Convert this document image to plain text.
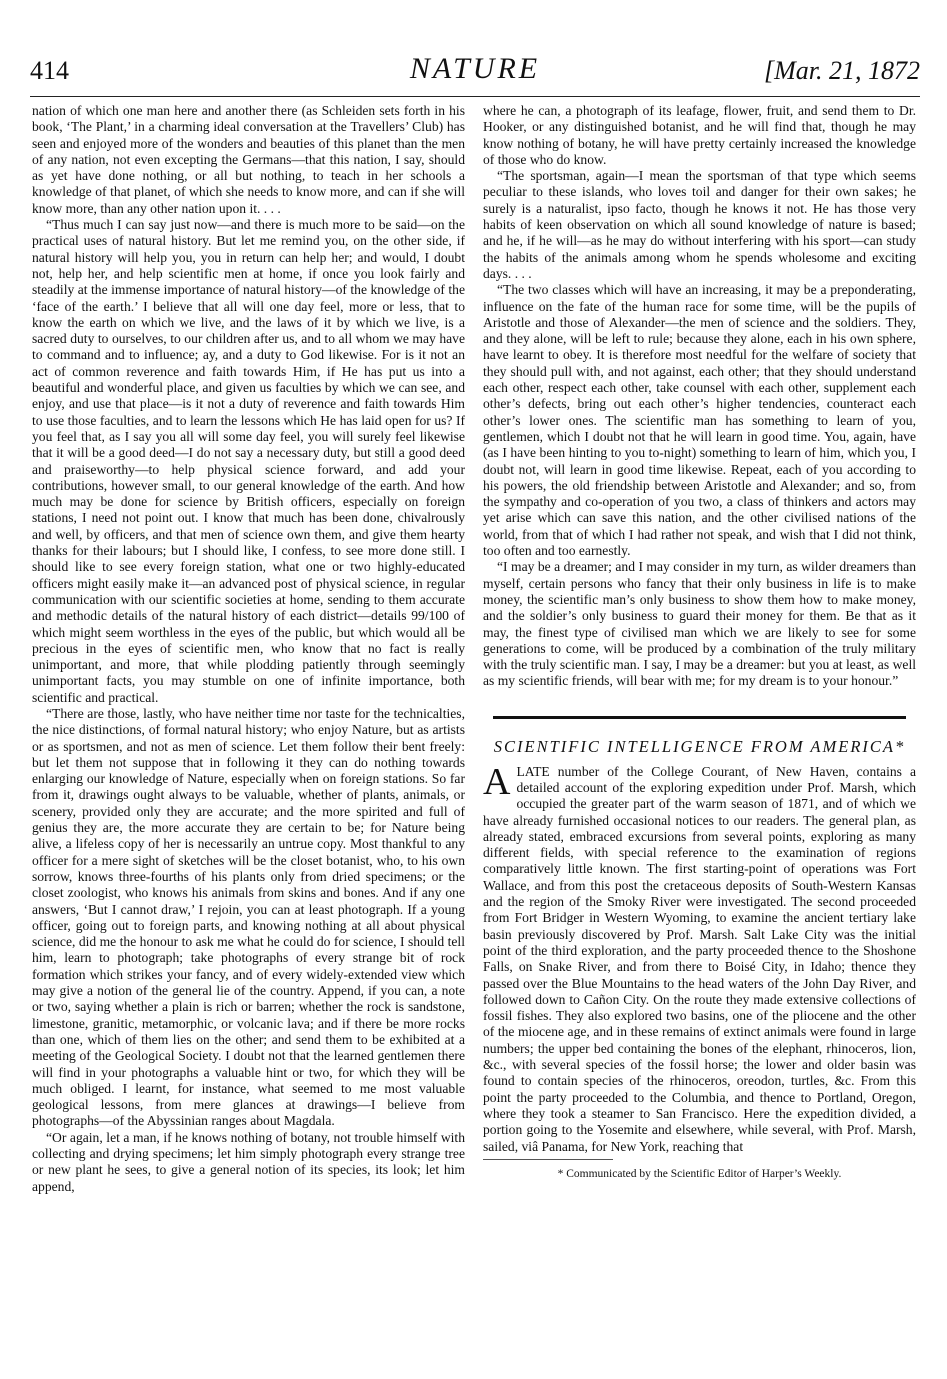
414	NATURE	[Mar. 21, 1872

nation of which one man here and another there (as Schleiden sets forth in his book, ‘The Plant,’ in a charming ideal conversation at the Travellers’ Club) has seen and enjoyed more of the wonders and beauties of this planet than the men of any nation, not even excepting the Germans—that this nation, I say, should as yet have done nothing, or all but nothing, to teach in her schools a knowledge of that planet, of which she needs to know more, and can if she will know more, than any other nation upon it. . . .

“Thus much I can say just now—and there is much more to be said—on the practical uses of natural history. But let me remind you, on the other side, if natural history will help you, you in return can help her; and would, I doubt not, help her, and help scientific men at home, if once you look fairly and steadily at the immense importance of natural history—of the knowledge of the ‘face of the earth.’ I believe that all will one day feel, more or less, that to know the earth on which we live, and the laws of it by which we live, is a sacred duty to ourselves, to our children after us, and to all whom we may have to command and to influence; ay, and a duty to God likewise. For is it not an act of common reverence and faith towards Him, if He has put us into a beautiful and wonderful place, and given us faculties by which we can see, and enjoy, and use that place—is it not a duty of reverence and faith towards Him to use those faculties, and to learn the lessons which He has laid open for us? If you feel that, as I say you all will some day feel, you will surely feel likewise that it will be a good deed—I do not say a necessary duty, but still a good deed and praiseworthy—to help physical science forward, and add your contributions, however small, to our general knowledge of the earth. And how much may be done for science by British officers, especially on foreign stations, I need not point out. I know that much has been done, chivalrously and well, by officers, and that men of science own them, and give them hearty thanks for their labours; but I should like, I confess, to see more done still. I should like to see every foreign station, what one or two highly-educated officers might easily make it—an advanced post of physical science, in regular communication with our scientific societies at home, sending to them accurate and methodic details of the natural history of each district—details 99/100 of which might seem worthless in the eyes of the public, but which would all be precious in the eyes of scientific men, who know that no fact is really unimportant, and more, that while plodding patiently through seemingly unimportant facts, you may stumble on one of infinite importance, both scientific and practical.

“There are those, lastly, who have neither time nor taste for the technicalties, the nice distinctions, of formal natural history; who enjoy Nature, but as artists or as sportsmen, and not as men of science. Let them follow their bent freely: but let them not suppose that in following it they can do nothing towards enlarging our knowledge of Nature, especially when on foreign stations. So far from it, drawings ought always to be valuable, whether of plants, animals, or scenery, provided only they are accurate; and the more spirited and full of genius they are, the more accurate they are certain to be; for Nature being alive, a lifeless copy of her is necessarily an untrue copy. Most thankful to any officer for a mere sight of sketches will be the closet botanist, who, to his own sorrow, knows three-fourths of his plants only from dried specimens; or the closet zoologist, who knows his animals from skins and bones. And if any one answers, ‘But I cannot draw,’ I rejoin, you can at least photograph. If a young officer, going out to foreign parts, and knowing nothing at all about physical science, did me the honour to ask me what he could do for science, I should tell him, learn to photograph; take photographs of every strange bit of rock formation which strikes your fancy, and of every widely-extended view which may give a notion of the general lie of the country. Append, if you can, a note or two, saying whether a plain is rich or barren; whether the rock is sandstone, limestone, granitic, metamorphic, or volcanic lava; and if there be more rocks than one, which of them lies on the other; and send them to be exhibited at a meeting of the Geological Society. I doubt not that the learned gentlemen there will find in your photographs a valuable hint or two, for which they will be much obliged. I learnt, for instance, what seemed to me most valuable geological lessons, from mere glances at drawings—I believe from photographs—of the Abyssinian ranges about Magdala.

“Or again, let a man, if he knows nothing of botany, not trouble himself with collecting and drying specimens; let him simply photograph every strange tree or new plant he sees, to give a general notion of its species, its look; let him append,

where he can, a photograph of its leafage, flower, fruit, and send them to Dr. Hooker, or any distinguished botanist, and he will find that, though he may know nothing of botany, he will have pretty certainly increased the knowledge of those who do know.

“The sportsman, again—I mean the sportsman of that type which seems peculiar to these islands, who loves toil and danger for their own sakes; he surely is a naturalist, ipso facto, though he knows it not. He has those very habits of keen observation on which all sound knowledge of nature is based; and he, if he will—as he may do without interfering with his sport—can study the habits of the animals among whom he spends wholesome and exciting days. . . .

“The two classes which will have an increasing, it may be a preponderating, influence on the fate of the human race for some time, will be the pupils of Aristotle and those of Alexander—the men of science and the soldiers. They, and they alone, will be left to rule; because they alone, each in his own sphere, have learnt to obey. It is therefore most needful for the welfare of society that they should pull with, and not against, each other; that they should understand each other, respect each other, take counsel with each other, supplement each other’s defects, bring out each other’s higher tendencies, counteract each other’s lower ones. The scientific man has something to learn of you, gentlemen, which I doubt not that he will learn in good time. You, again, have (as I have been hinting to you to-night) something to learn of him, which you, I doubt not, will learn in good time likewise. Repeat, each of you according to his powers, the old friendship between Aristotle and Alexander; and so, from the sympathy and co-operation of you two, a class of thinkers and actors may yet arise which can save this nation, and the other civilised nations of the world, from that of which I had rather not speak, and wish that I did not think, too often and too earnestly.

“I may be a dreamer; and I may consider in my turn, as wilder dreamers than myself, certain persons who fancy that their only business in life is to make money, the scientific man’s only business to show them how to make money, and the soldier’s only business to guard their money for them. Be that as it may, the finest type of civilised man which we are likely to see for some generations to come, will be produced by a combination of the truly military with the truly scientific man. I say, I may be a dreamer: but you at least, as well as my scientific friends, will bear with me; for my dream is to your honour.”

SCIENTIFIC INTELLIGENCE FROM AMERICA*

ALATE number of the College Courant, of New Haven, contains a detailed account of the exploring expedition under Prof. Marsh, which occupied the greater part of the warm season of 1871, and of which we have already furnished occasional notices to our readers. The general plan, as already stated, embraced excursions from several points, exploring as many different fields, with special reference to the examination of regions comparatively little known. The first starting-point of operations was Fort Wallace, and from this post the cretaceous deposits of South-Western Kansas and the region of the Smoky River were investigated. The second proceeded from Fort Bridger in Western Wyoming, to examine the ancient tertiary lake basin previously discovered by Prof. Marsh. Salt Lake City was the initial point of the third exploration, and the party proceeded thence to the Shoshone Falls, on Snake River, and from there to Boisé City, in Idaho; thence they passed over the Blue Mountains to the head waters of the John Day River, and followed down to Cañon City. On the route they made extensive collections of fossil fishes. They also explored two basins, one of the pliocene and the other of the miocene age, and in these remains of extinct animals were found in large numbers; the upper bed containing the bones of the elephant, rhinoceros, lion, &c., with several species of the fossil horse; the lower and older basin was found to contain species of the rhinoceros, oreodon, turtles, &c. From this point the party proceeded to the Columbia, and thence to Portland, Oregon, where they took a steamer to San Francisco. Here the expedition divided, a portion going to the Yosemite and elsewhere, while several, with Prof. Marsh, sailed, viâ Panama, for New York, reaching that

* Communicated by the Scientific Editor of Harper’s Weekly.
